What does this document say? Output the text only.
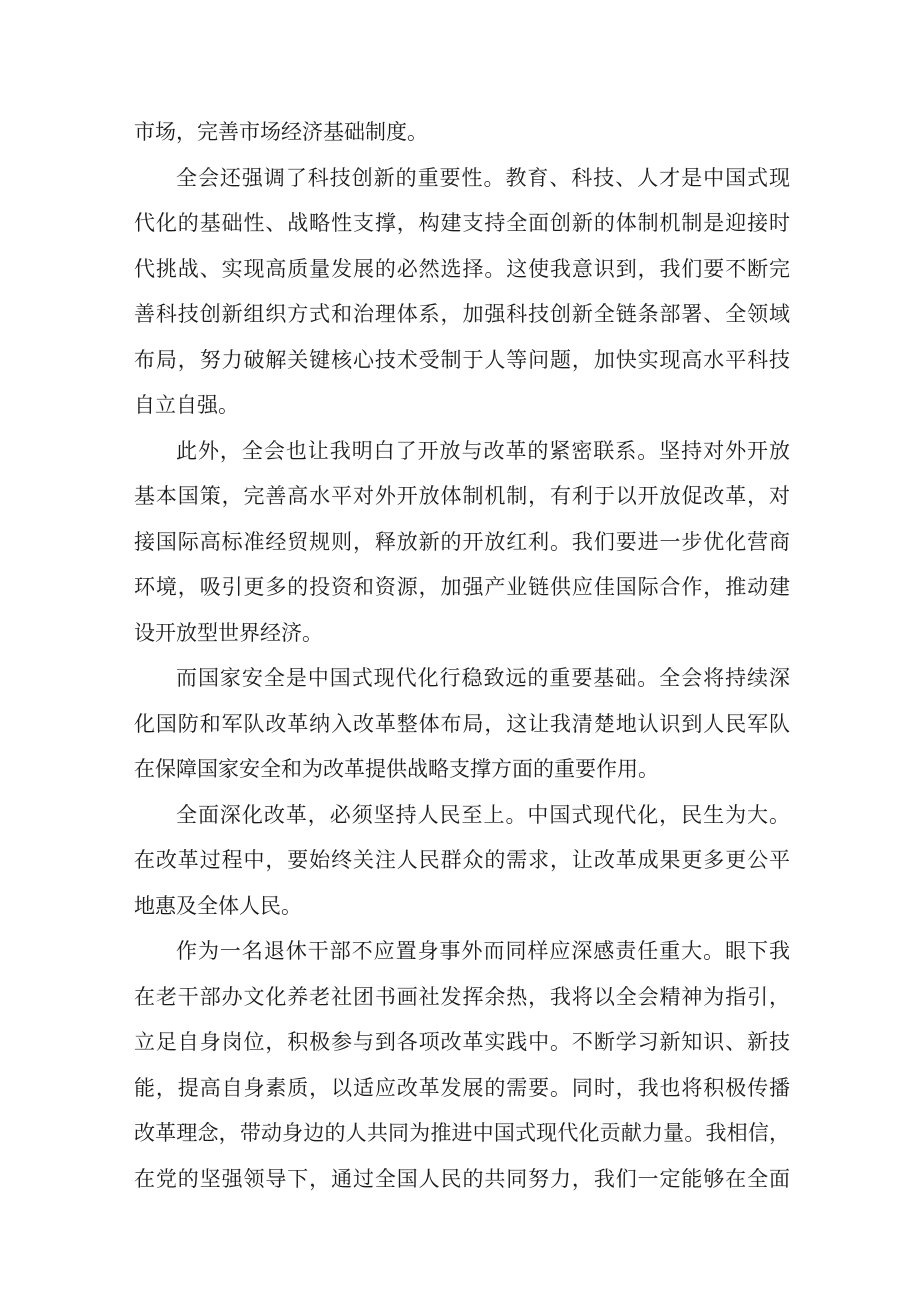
市场，完善市场经济基础制度。
全会还强调了科技创新的重要性。教育、科技、人才是中国式现
代化的基础性、战略性支撑，构建支持全面创新的体制机制是迎接时
代挑战、实现高质量发展的必然选择。这使我意识到，我们要不断完
善科技创新组织方式和治理体系，加强科技创新全链条部署、全领域
布局，努力破解关键核心技术受制于人等问题，加快实现高水平科技
自立自强。
此外，全会也让我明白了开放与改革的紧密联系。坚持对外开放
基本国策，完善高水平对外开放体制机制，有利于以开放促改革，对
接国际高标准经贸规则，释放新的开放红利。我们要进一步优化营商
环境，吸引更多的投资和资源，加强产业链供应佳国际合作，推动建
设开放型世界经济。
而国家安全是中国式现代化行稳致远的重要基础。全会将持续深
化国防和军队改革纳入改革整体布局，这让我清楚地认识到人民军队
在保障国家安全和为改革提供战略支撑方面的重要作用。
全面深化改革，必须坚持人民至上。中国式现代化，民生为大。
在改革过程中，要始终关注人民群众的需求，让改革成果更多更公平
地惠及全体人民。
作为一名退休干部不应置身事外而同样应深感责任重大。眼下我
在老干部办文化养老社团书画社发挥余热，我将以全会精神为指引，
立足自身岗位，积极参与到各项改革实践中。不断学习新知识、新技
能，提高自身素质，以适应改革发展的需要。同时，我也将积极传播
改革理念，带动身边的人共同为推进中国式现代化贡献力量。我相信，
在党的坚强领导下，通过全国人民的共同努力，我们一定能够在全面
